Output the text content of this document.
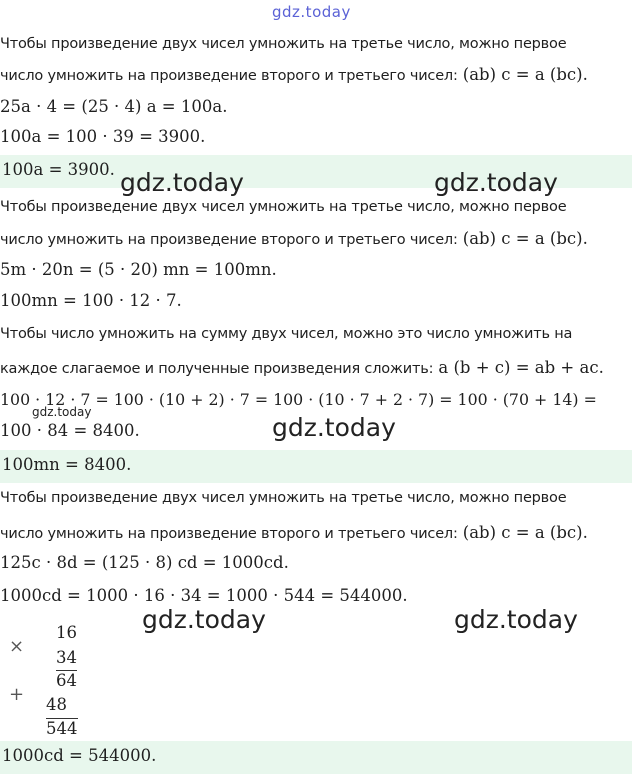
gdz.today
Чтобы произведение двух чисел умножить на третье число, можно первое
число умножить на произведение второго и третьего чисел: (ab) c = a (bc).
25a · 4 = (25 · 4) a = 100a.
100a = 100 · 39 = 3900.
100a = 3900. gdz.today	gdz.today
Чтобы произведение двух чисел умножить на третье число, можно первое
число умножить на произведение второго и третьего чисел: (ab) c = a (bc).
5m · 20n = (5 · 20) mn = 100mn.
100mn = 100 · 12 · 7.
Чтобы число умножить на сумму двух чисел, можно это число умножить на
каждое слагаемое и полученные произведения сложить: a (b + c) = ab + ac.
100 · 12 · 7 = 100 · (10 + 2) · 7 = 100 · (10 · 7 + 2 · 7) = 100 · (70 + 14) =
gdz.today
100 · 84 = 8400.	gdz.today
100mn = 8400.
Чтобы произведение двух чисел умножить на третье число, можно первое
число умножить на произведение второго и третьего чисел: (ab) c = a (bc).
125c · 8d = (125 · 8) cd = 1000cd.
1000cd = 1000 · 16 · 34 = 1000 · 544 = 544000.
gdz.today	gdz.today
×
16
34
64
+ 48
544
1000cd = 544000.
